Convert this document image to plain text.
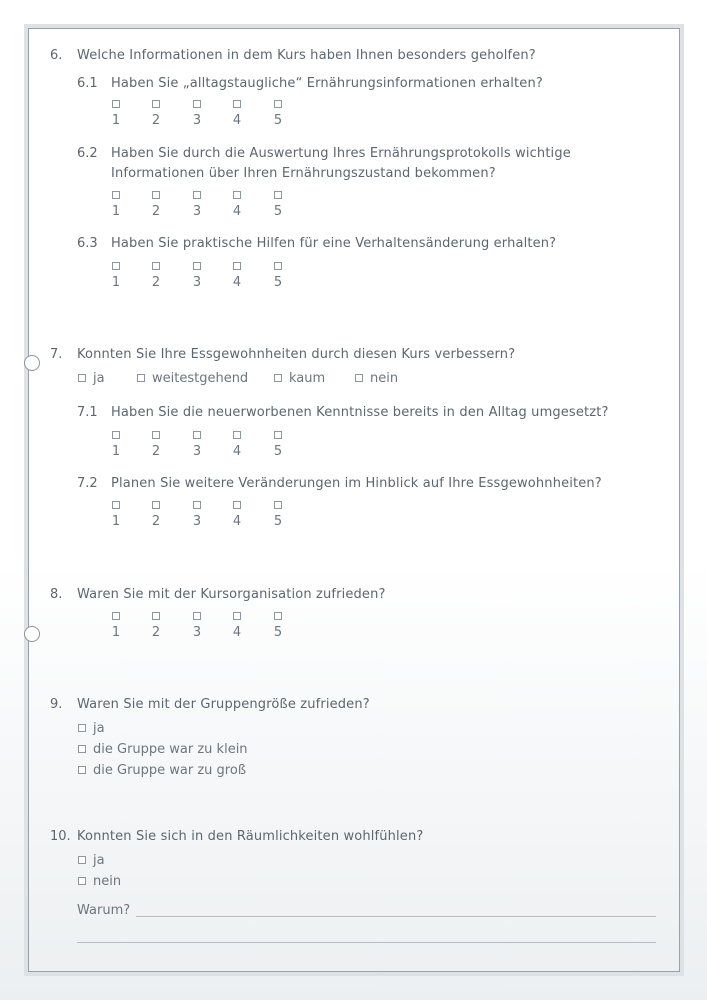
6. Welche Informationen in dem Kurs haben Ihnen besonders geholfen?
6.1 Haben Sie „alltagstaugliche“ Ernährungsinformationen erhalten?
6.2 Haben Sie durch die Auswertung Ihres Ernährungsprotokolls wichtige
Informationen über Ihren Ernährungszustand bekommen?
6.3 Haben Sie praktische Hilfen für eine Verhaltensänderung erhalten?
7. Konnten Sie Ihre Essgewohnheiten durch diesen Kurs verbessern?
ja	weitestgehend	kaum	nein
7.1 Haben Sie die neuerworbenen Kenntnisse bereits in den Alltag umgesetzt?
7.2 Planen Sie weitere Veränderungen im Hinblick auf Ihre Essgewohnheiten?
8. Waren Sie mit der Kursorganisation zufrieden?
9. Waren Sie mit der Gruppengröße zufrieden?
ja
die Gruppe war zu klein
die Gruppe war zu groß
10. Konnten Sie sich in den Räumlichkeiten wohlfühlen?
ja
nein
Warum?
1 2	3 4	5
1 2	3 4	5
1 2	3 4	5
1 2	3 4	5
1 2	3 4	5
1 2	3 4	5
